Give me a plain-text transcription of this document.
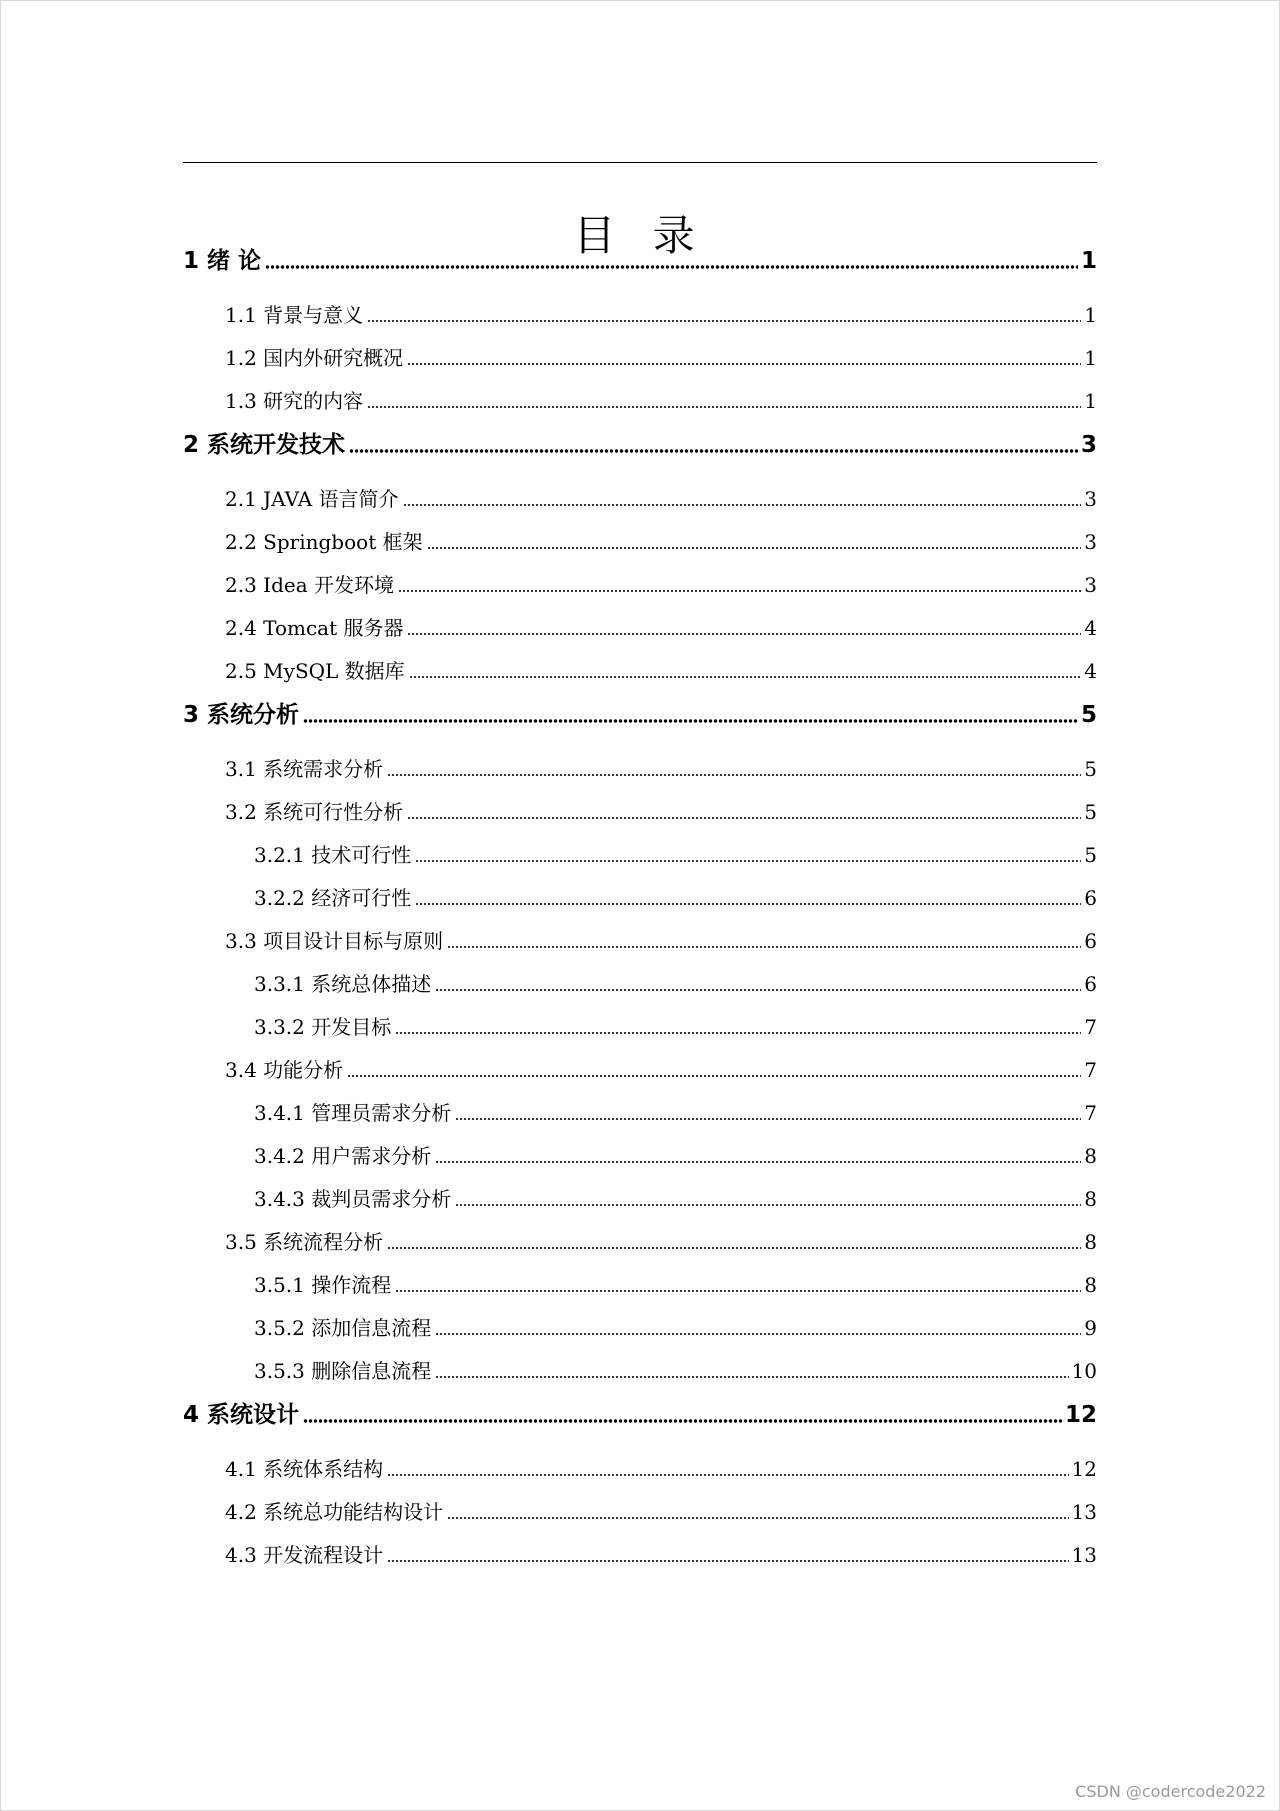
目 录
1 绪 论	1
1.1 背景与意义	1
1.2 国内外研究概况	1
1.3 研究的内容	1
2 系统开发技术	3
2.1 JAVA 语言简介	3
2.2 Springboot 框架	3
2.3 Idea 开发环境	3
2.4 Tomcat 服务器	4
2.5 MySQL 数据库	4
3 系统分析	5
3.1 系统需求分析	5
3.2 系统可行性分析	5
3.2.1 技术可行性	5
3.2.2 经济可行性	6
3.3 项目设计目标与原则	6
3.3.1 系统总体描述	6
3.3.2 开发目标	7
3.4 功能分析	7
3.4.1 管理员需求分析	7
3.4.2 用户需求分析	8
3.4.3 裁判员需求分析	8
3.5 系统流程分析	8
3.5.1 操作流程	8
3.5.2 添加信息流程	9
3.5.3 删除信息流程	10
4 系统设计	12
4.1 系统体系结构	12
4.2 系统总功能结构设计	13
4.3 开发流程设计	13
CSDN @codercode2022
